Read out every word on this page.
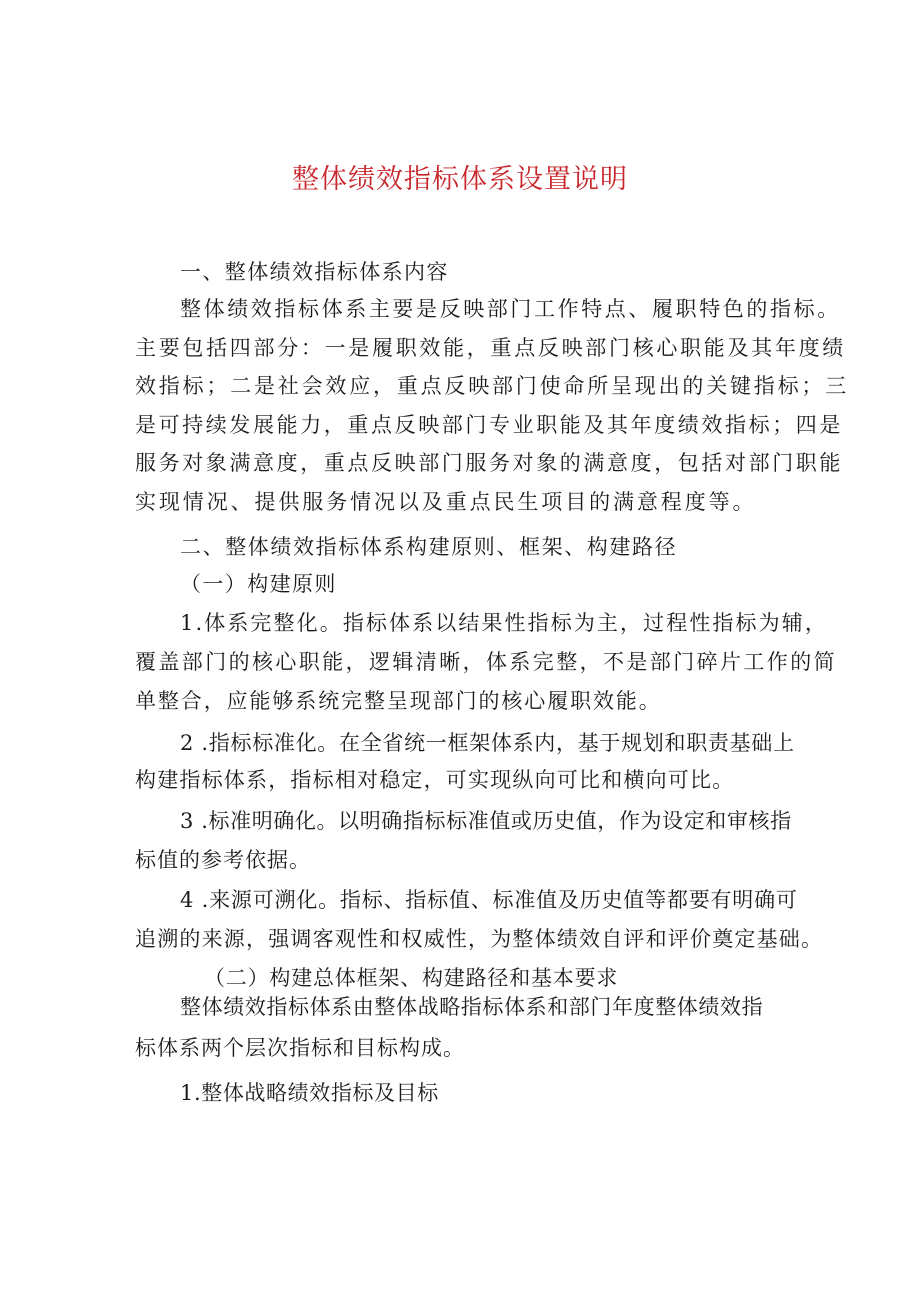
整体绩效指标体系设置说明
一、整体绩效指标体系内容
整体绩效指标体系主要是反映部门工作特点、履职特色的指标。
主要包括四部分：一是履职效能，重点反映部门核心职能及其年度绩
效指标；二是社会效应，重点反映部门使命所呈现出的关键指标；三
是可持续发展能力，重点反映部门专业职能及其年度绩效指标；四是
服务对象满意度，重点反映部门服务对象的满意度，包括对部门职能
实现情况、提供服务情况以及重点民生项目的满意程度等。
二、整体绩效指标体系构建原则、框架、构建路径
（一）构建原则
1.体系完整化。指标体系以结果性指标为主，过程性指标为辅，
覆盖部门的核心职能，逻辑清晰，体系完整，不是部门碎片工作的简
单整合，应能够系统完整呈现部门的核心履职效能。
2 .指标标准化。在全省统一框架体系内，基于规划和职责基础上
构建指标体系，指标相对稳定，可实现纵向可比和横向可比。
3 .标准明确化。以明确指标标准值或历史值，作为设定和审核指
标值的参考依据。
4 .来源可溯化。指标、指标值、标准值及历史值等都要有明确可
追溯的来源，强调客观性和权威性，为整体绩效自评和评价奠定基础。
（二）构建总体框架、构建路径和基本要求
整体绩效指标体系由整体战略指标体系和部门年度整体绩效指
标体系两个层次指标和目标构成。
1.整体战略绩效指标及目标
